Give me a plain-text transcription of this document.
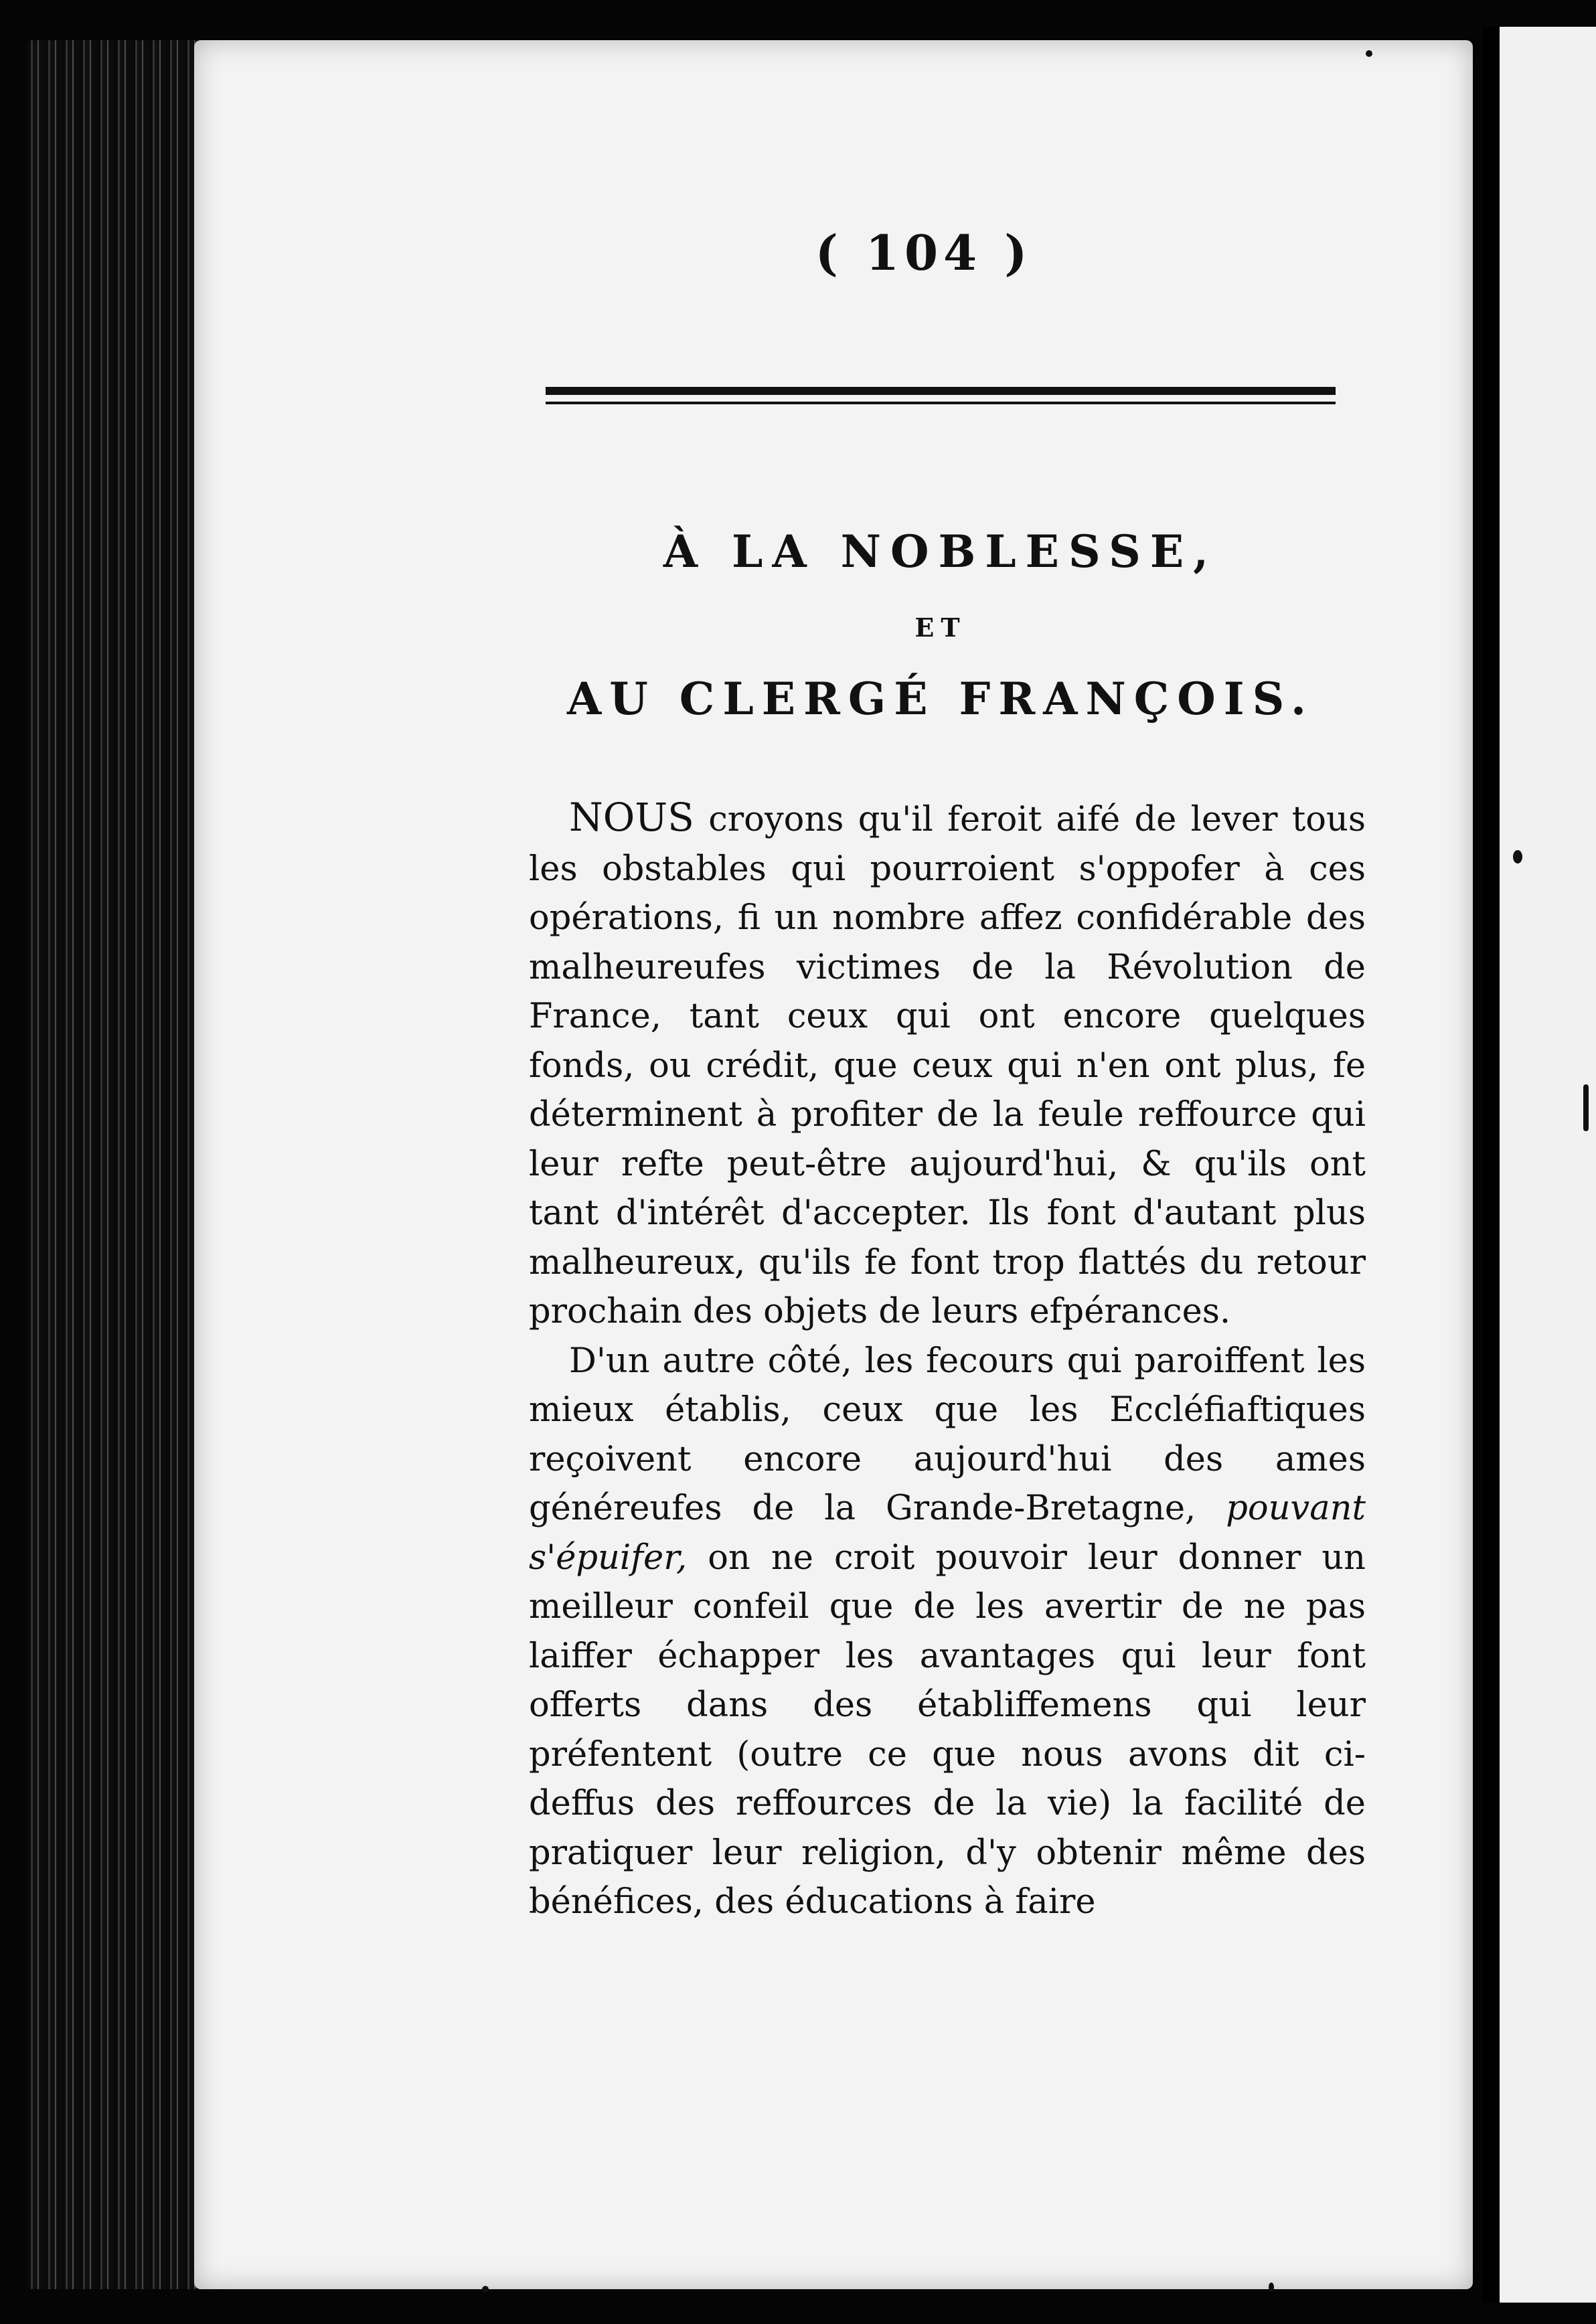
( 104 )
À LA NOBLESSE,
ET
AU CLERGÉ FRANÇOIS.

NOUS croyons qu'il feroit aifé de lever tous les obstables qui pourroient s'oppofer à ces opérations, fi un nombre affez confidérable des malheureufes victimes de la Révolution de France, tant ceux qui ont encore quelques fonds, ou crédit, que ceux qui n'en ont plus, fe déterminent à profiter de la feule reffource qui leur refte peut-être aujourd'hui, & qu'ils ont tant d'intérêt d'accepter. Ils font d'autant plus malheureux, qu'ils fe font trop flattés du retour prochain des objets de leurs efpérances.

D'un autre côté, les fecours qui paroiffent les mieux établis, ceux que les Eccléfiaftiques reçoivent encore aujourd'hui des ames généreufes de la Grande-Bretagne, pouvant s'épuifer, on ne croit pouvoir leur donner un meilleur confeil que de les avertir de ne pas laiffer échapper les avantages qui leur font offerts dans des établiffemens qui leur préfentent (outre ce que nous avons dit ci-deffus des reffources de la vie) la facilité de pratiquer leur religion, d'y obtenir même des bénéfices, des éducations à faire
